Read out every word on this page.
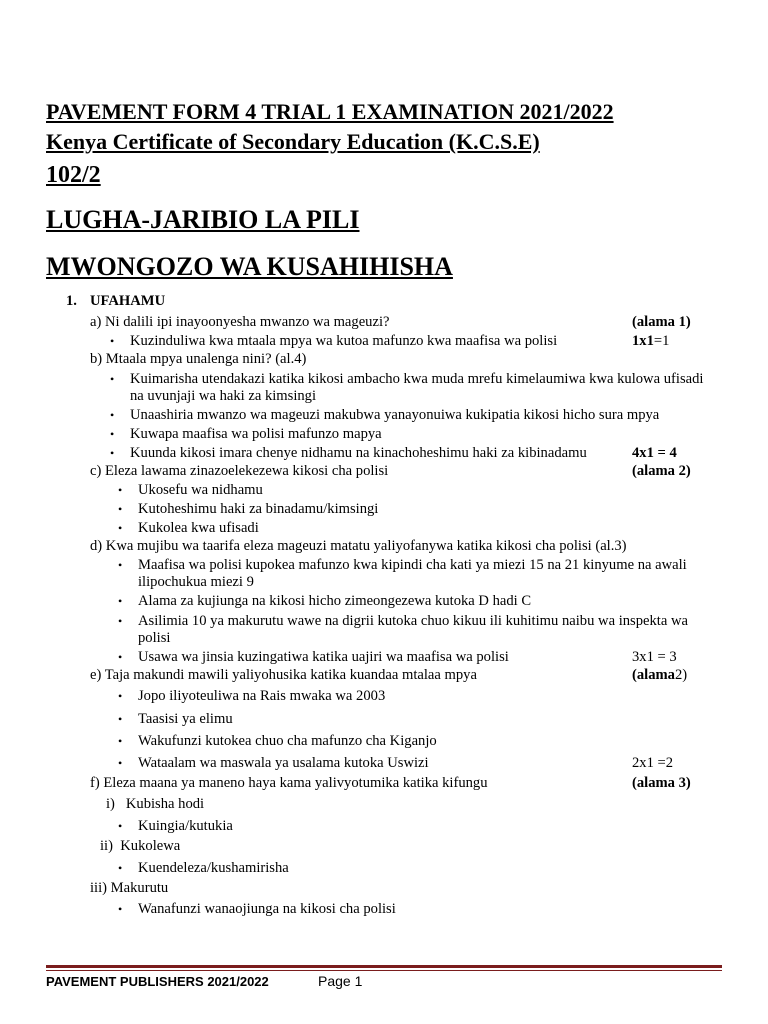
PAVEMENT FORM 4 TRIAL 1 EXAMINATION 2021/2022
Kenya Certificate of Secondary Education (K.C.S.E)
102/2
LUGHA-JARIBIO LA PILI
MWONGOZO WA KUSAHIHISHA
1. UFAHAMU
a) Ni dalili ipi inayoonyesha mwanzo wa mageuzi?	(alama 1)
• Kuzinduliwa kwa mtaala mpya wa kutoa mafunzo kwa maafisa wa polisi	1x1=1
b) Mtaala mpya unalenga nini? (al.4)
• Kuimarisha utendakazi katika kikosi ambacho kwa muda mrefu kimelaumiwa kwa kulowa ufisadi
na uvunjaji wa haki za kimsingi
• Unaashiria mwanzo wa mageuzi makubwa yanayonuiwa kukipatia kikosi hicho sura mpya
• Kuwapa maafisa wa polisi mafunzo mapya
• Kuunda kikosi imara chenye nidhamu na kinachoheshimu haki za kibinadamu	4x1 = 4
c) Eleza lawama zinazoelekezewa kikosi cha polisi	(alama 2)
• Ukosefu wa nidhamu
• Kutoheshimu haki za binadamu/kimsingi
• Kukolea kwa ufisadi
d) Kwa mujibu wa taarifa eleza mageuzi matatu yaliyofanywa katika kikosi cha polisi (al.3)
• Maafisa wa polisi kupokea mafunzo kwa kipindi cha kati ya miezi 15 na 21 kinyume na awali
ilipochukua miezi 9
• Alama za kujiunga na kikosi hicho zimeongezewa kutoka D hadi C
• Asilimia 10 ya makurutu wawe na digrii kutoka chuo kikuu ili kuhitimu naibu wa inspekta wa
polisi
• Usawa wa jinsia kuzingatiwa katika uajiri wa maafisa wa polisi	3x1 = 3
e) Taja makundi mawili yaliyohusika katika kuandaa mtalaa mpya	(alama2)
• Jopo iliyoteuliwa na Rais mwaka wa 2003
• Taasisi ya elimu
• Wakufunzi kutokea chuo cha mafunzo cha Kiganjo
• Wataalam wa maswala ya usalama kutoka Uswizi	2x1 =2
f) Eleza maana ya maneno haya kama yalivyotumika katika kifungu	(alama 3)
i)   Kubisha hodi
• Kuingia/kutukia
ii)  Kukolewa
• Kuendeleza/kushamirisha
iii) Makurutu
• Wanafunzi wanaojiunga na kikosi cha polisi
PAVEMENT PUBLISHERS 2021/2022	Page 1
